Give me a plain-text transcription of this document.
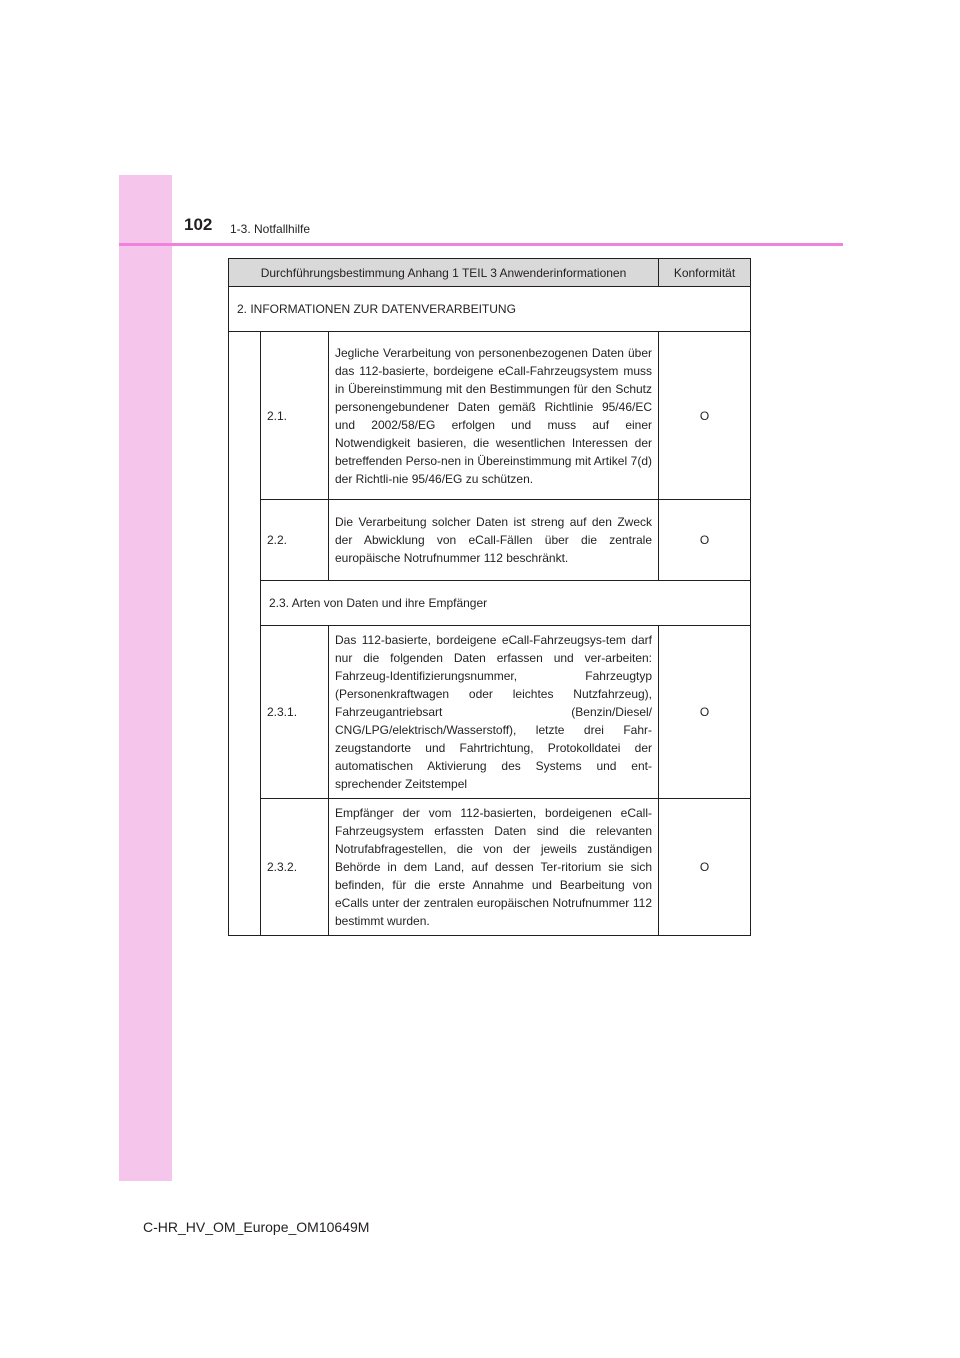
102 1-3. Notfallhilfe
Durchführungsbestimmung Anhang 1 TEIL 3 Anwenderinformationen			Konformität
2. INFORMATIONEN ZUR DATENVERARBEITUNG			
	2.1.	Jegliche Verarbeitung von personenbezogenen Daten über das 112-basierte, bordeigene eCall-Fahrzeugsystem muss in Übereinstimmung mit den Bestimmungen für den Schutz personengebundener Daten gemäß Richtlinie 95/46/EC und 2002/58/EG erfolgen und muss auf einer Notwendigkeit basieren, die wesentlichen Interessen der betreffenden Perso-nen in Übereinstimmung mit Artikel 7(d) der Richtli-nie 95/46/EG zu schützen.	O
	2.2.	Die Verarbeitung solcher Daten ist streng auf den Zweck der Abwicklung von eCall-Fällen über die zentrale europäische Notrufnummer 112 beschränkt.	O
	2.3. Arten von Daten und ihre Empfänger		
	2.3.1.	Das 112-basierte, bordeigene eCall-Fahrzeugsys-tem darf nur die folgenden Daten erfassen und ver-arbeiten: Fahrzeug-Identifizierungsnummer, Fahrzeugtyp (Personenkraftwagen oder leichtes Nutzfahrzeug), Fahrzeugantriebsart (Benzin/Diesel/ CNG/LPG/elektrisch/Wasserstoff), letzte drei Fahr-zeugstandorte und Fahrtrichtung, Protokolldatei der automatischen Aktivierung des Systems und ent-sprechender Zeitstempel	O
	2.3.2.	Empfänger der vom 112-basierten, bordeigenen eCall-Fahrzeugsystem erfassten Daten sind die relevanten Notrufabfragestellen, die von der jeweils zuständigen Behörde in dem Land, auf dessen Ter-ritorium sie sich befinden, für die erste Annahme und Bearbeitung von eCalls unter der zentralen europäischen Notrufnummer 112 bestimmt wurden.	O
C-HR_HV_OM_Europe_OM10649M
